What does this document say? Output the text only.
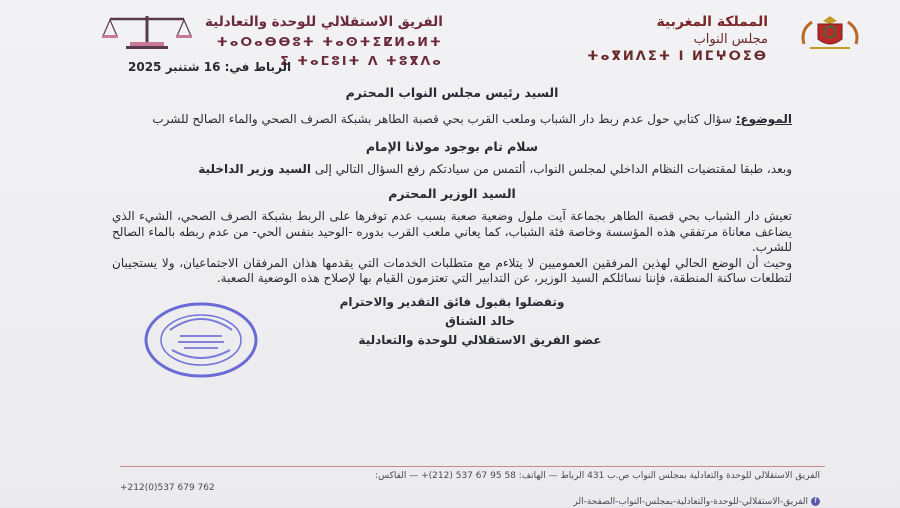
المملكة المغربية
مجلس النواب
ⵜⴰⴳⵍⴷⵉⵜ ⵏ ⵍⵎⵖⵔⵉⴱ
الفريق الاستقلالي للوحدة والتعادلية
ⵜⴰⵔⴰⴱⴱⵓⵜ ⵜⴰⵙⵜⵉⵇⵍⴰⵍⵜ
ⵉ ⵜⴰⵎⵓⵏⵜ ⴷ ⵜⵓⴳⴷⴰ
الرباط في: 16 شتنبر 2025

السيد رئيس مجلس النواب المحترم

الموضوع: سؤال كتابي حول عدم ربط دار الشباب وملعب القرب بحي قصبة الطاهر بشبكة الصرف الصحي والماء الصالح للشرب

سلام تام بوجود مولانا الإمام

وبعد، طبقا لمقتضيات النظام الداخلي لمجلس النواب، ألتمس من سيادتكم رفع السؤال التالي إلى السيد وزير الداخلية

السيد الوزير المحترم

تعيش دار الشباب بحي قصبة الطاهر بجماعة آيت ملول وضعية صعبة بسبب عدم توفرها على الربط بشبكة الصرف الصحي، الشيء الذي يضاعف معاناة مرتفقي هذه المؤسسة وخاصة فئة الشباب، كما يعاني ملعب القرب بدوره -الوحيد بنفس الحي- من عدم ربطه بالماء الصالح للشرب.

وحيث أن الوضع الحالي لهذين المرفقين العموميين لا يتلاءم مع متطلبات الخدمات التي يقدمها هذان المرفقان الاجتماعيان، ولا يستجيبان لتطلعات ساكنة المنطقة، فإننا نسائلكم السيد الوزير، عن التدابير التي تعتزمون القيام بها لإصلاح هذه الوضعية الصعبة.

وتفضلوا بقبول فائق التقدير والاحترام

خالد الشناق

عضو الفريق الاستقلالي للوحدة والتعادلية

الفريق الاستقلالي للوحدة والتعادلية بمجلس النواب ص.ب 431 الرباط — الهاتف: 58 95 67 537 (212)+ — الفاكس:
+212(0)537 679 762
fالفريق-الاستقلالي-للوحدة-والتعادلية-بمجلس-النواب-الصفحة-الر
